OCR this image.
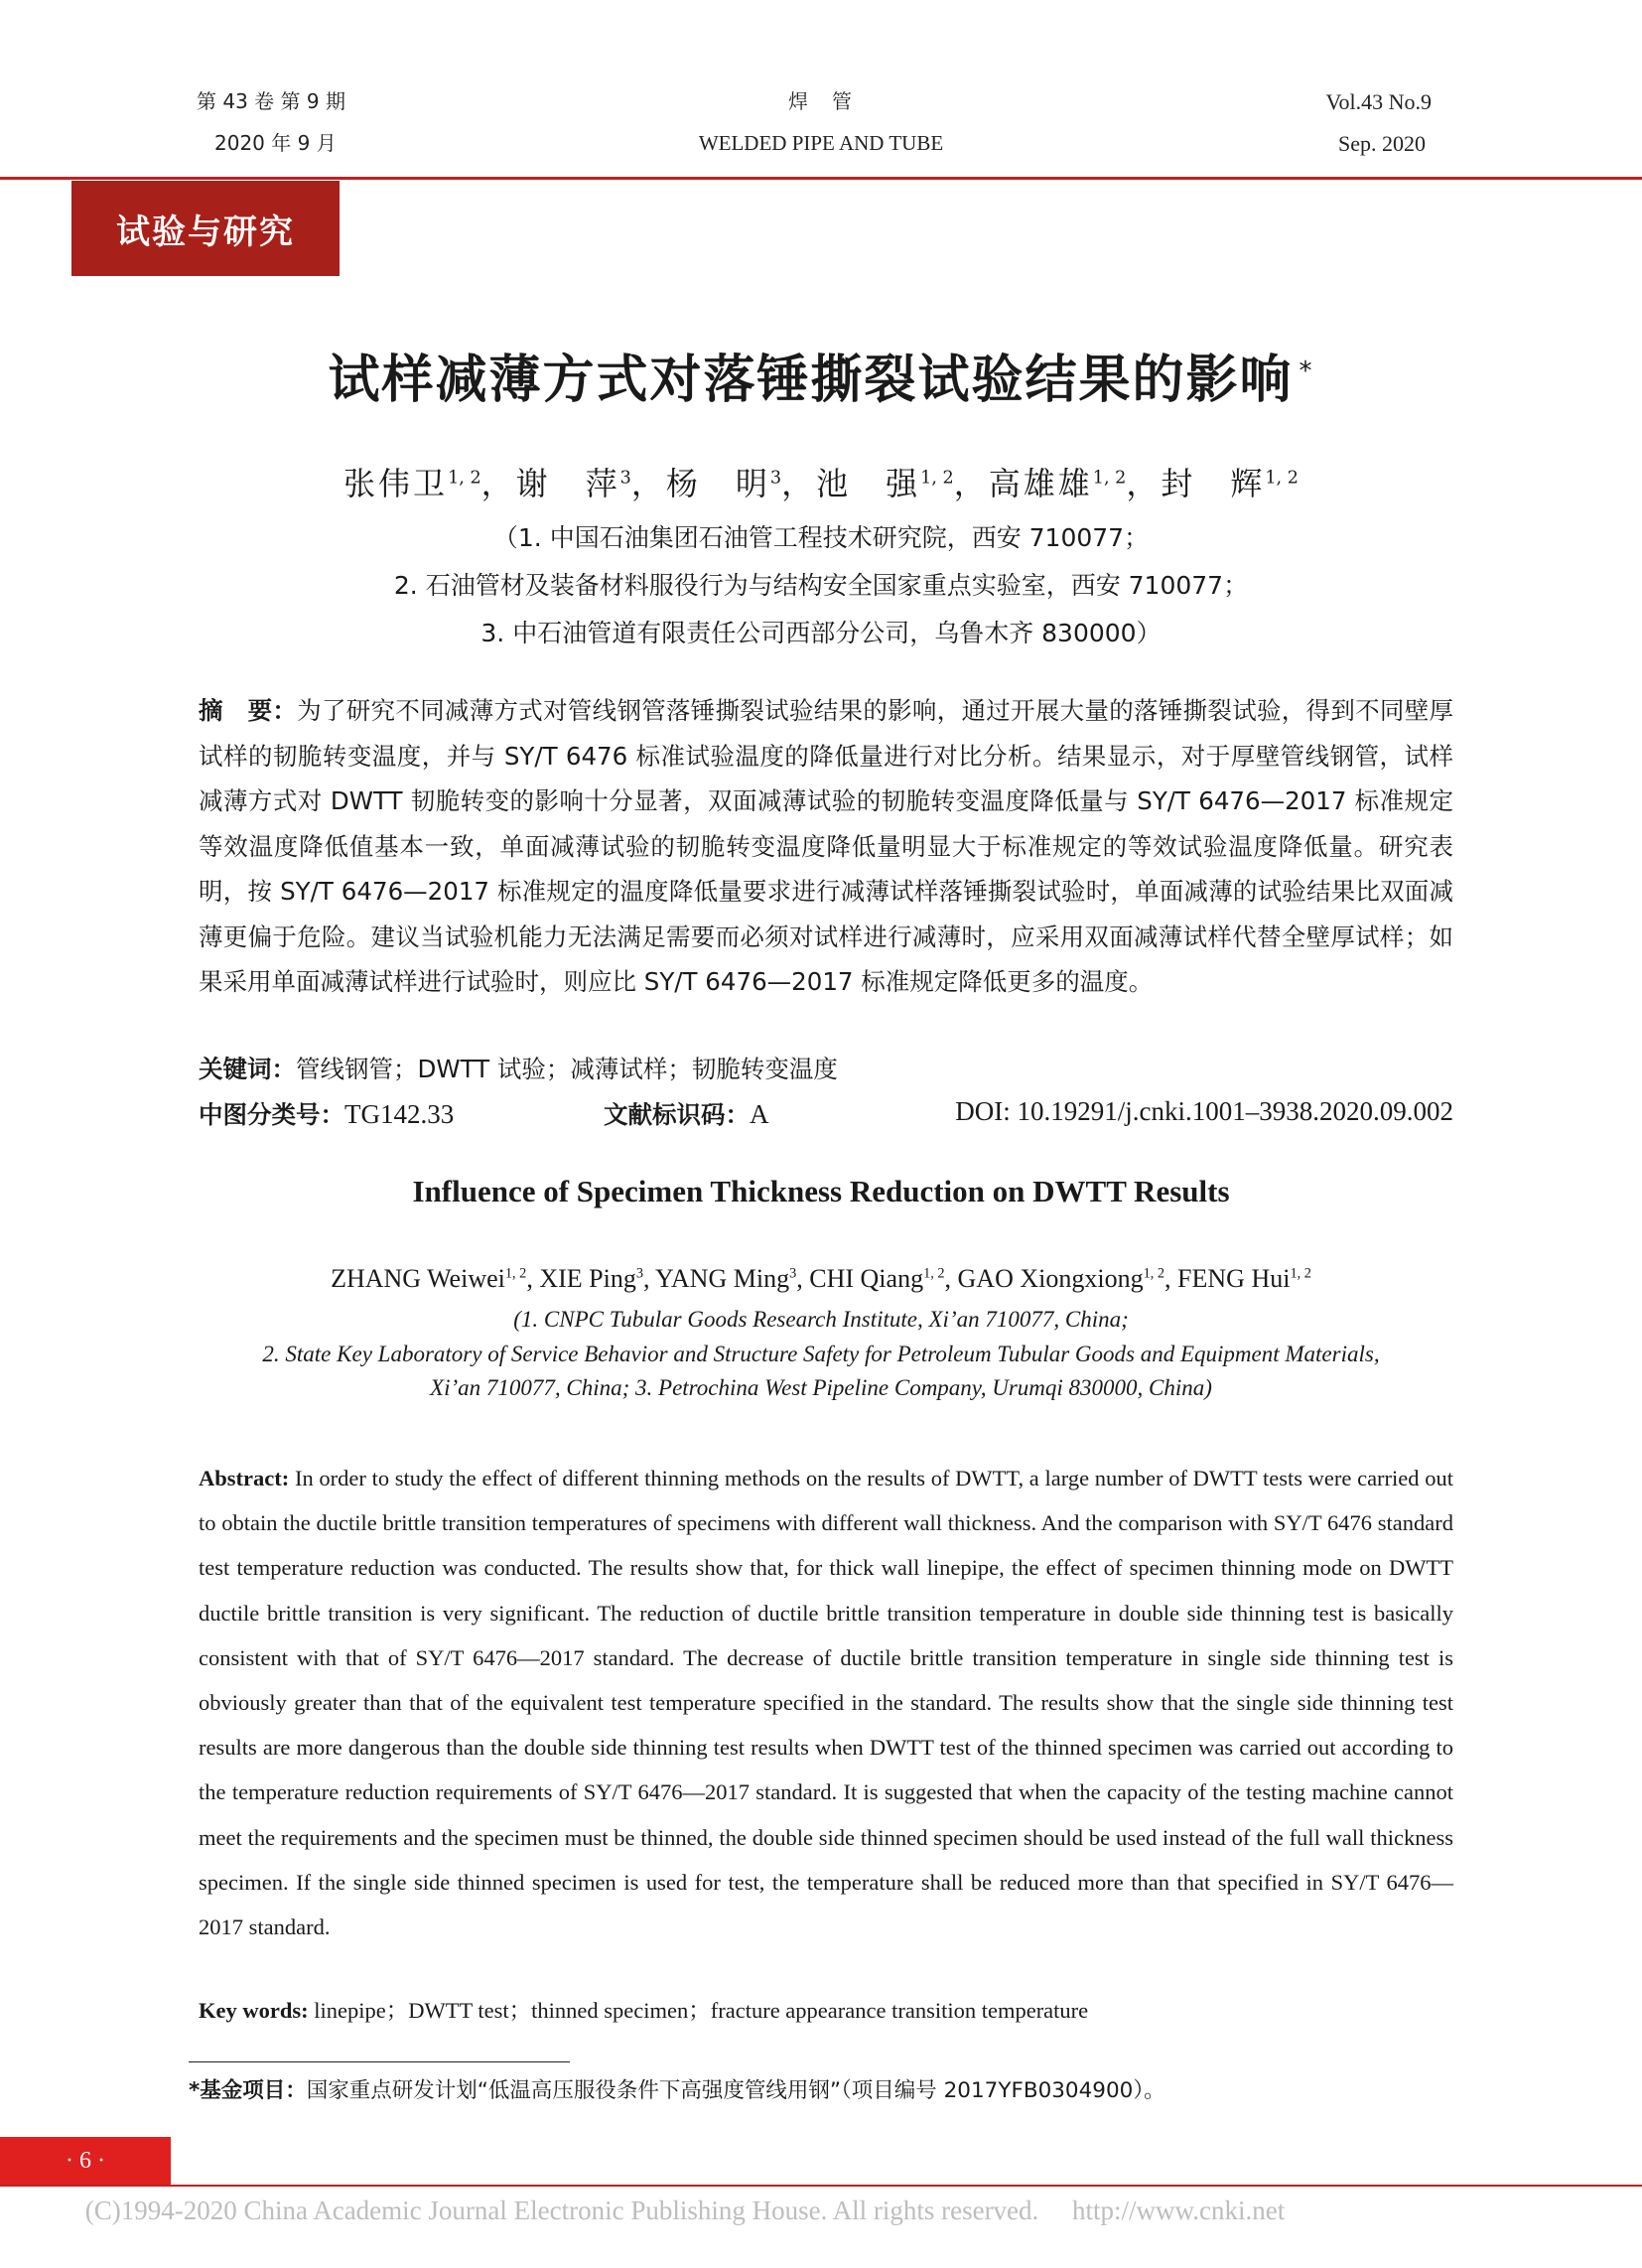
第 43 卷 第 9 期
2020 年 9 月
焊　管
WELDED PIPE AND TUBE
Vol.43 No.9
Sep. 2020
试验与研究
试样减薄方式对落锤撕裂试验结果的影响 *
张伟卫$^{1, 2}$，谢　萍$^3$，杨　明$^3$，池　强$^{1, 2}$，高雄雄$^{1, 2}$，封　辉$^{1, 2}$
（1. 中国石油集团石油管工程技术研究院，西安 710077；
2. 石油管材及装备材料服役行为与结构安全国家重点实验室，西安 710077；
3. 中石油管道有限责任公司西部分公司，乌鲁木齐 830000）

摘　要：为了研究不同减薄方式对管线钢管落锤撕裂试验结果的影响，通过开展大量的落锤撕裂试验，得到不同壁厚试样的韧脆转变温度，并与 SY/T 6476 标准试验温度的降低量进行对比分析。结果显示，对于厚壁管线钢管，试样减薄方式对 DWTT 韧脆转变的影响十分显著，双面减薄试验的韧脆转变温度降低量与 SY/T 6476—2017 标准规定等效温度降低值基本一致，单面减薄试验的韧脆转变温度降低量明显大于标准规定的等效试验温度降低量。研究表明，按 SY/T 6476—2017 标准规定的温度降低量要求进行减薄试样落锤撕裂试验时，单面减薄的试验结果比双面减薄更偏于危险。建议当试验机能力无法满足需要而必须对试样进行减薄时，应采用双面减薄试样代替全壁厚试样；如果采用单面减薄试样进行试验时，则应比 SY/T 6476—2017 标准规定降低更多的温度。

关键词：管线钢管；DWTT 试验；减薄试样；韧脆转变温度
中图分类号：TG142.33	文献标识码：A	DOI: 10.19291/j.cnki.1001–3938.2020.09.002
Influence of Specimen Thickness Reduction on DWTT Results
ZHANG Weiwei$^{1, 2}$, XIE Ping$^3$, YANG Ming$^3$, CHI Qiang$^{1, 2}$, GAO Xiongxiong$^{1, 2}$, FENG Hui$^{1, 2}$
(1. CNPC Tubular Goods Research Institute, Xi’an 710077, China;
2. State Key Laboratory of Service Behavior and Structure Safety for Petroleum Tubular Goods and Equipment Materials,
Xi’an 710077, China; 3. Petrochina West Pipeline Company, Urumqi 830000, China)

Abstract: In order to study the effect of different thinning methods on the results of DWTT, a large number of DWTT tests were carried out to obtain the ductile brittle transition temperatures of specimens with different wall thickness. And the comparison with SY/T 6476 standard test temperature reduction was conducted. The results show that, for thick wall linepipe, the effect of specimen thinning mode on DWTT ductile brittle transition is very significant. The reduction of ductile brittle transition temperature in double side thinning test is basically consistent with that of SY/T 6476—2017 standard. The decrease of ductile brittle transition temperature in single side thinning test is obviously greater than that of the equivalent test temperature specified in the standard. The results show that the single side thinning test results are more dangerous than the double side thinning test results when DWTT test of the thinned specimen was carried out according to the temperature reduction requirements of SY/T 6476—2017 standard. It is suggested that when the capacity of the testing machine cannot meet the requirements and the specimen must be thinned, the double side thinned specimen should be used instead of the full wall thickness specimen. If the single side thinned specimen is used for test, the temperature shall be reduced more than that specified in SY/T 6476—2017 standard.

Key words: linepipe；DWTT test；thinned specimen；fracture appearance transition temperature
*基金项目：国家重点研发计划“低温高压服役条件下高强度管线用钢”（项目编号 2017YFB0304900）。
· 6 ·
(C)1994-2020 China Academic Journal Electronic Publishing House. All rights reserved.　 http://www.cnki.net
